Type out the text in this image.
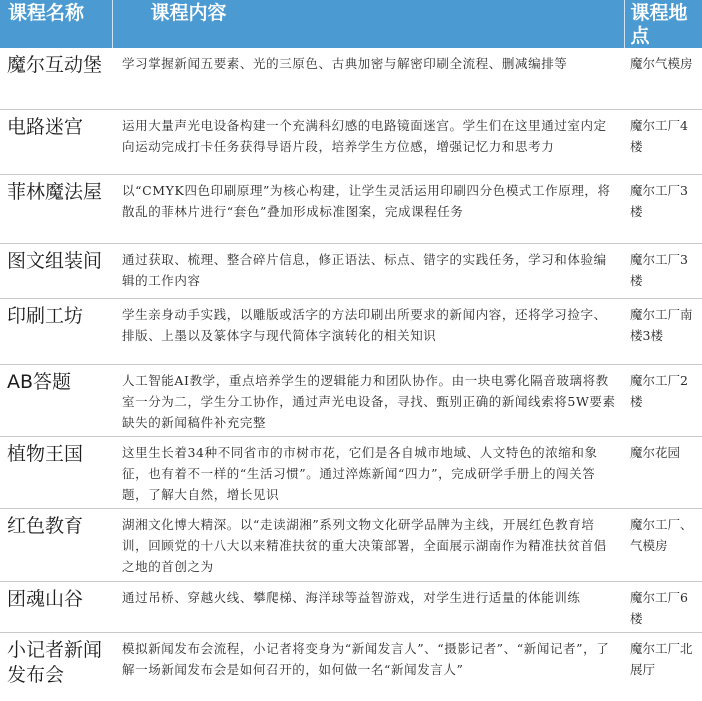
课程名称	课程内容	课程地点
魔尔互动堡	学习掌握新闻五要素、光的三原色、古典加密与解密印刷全流程、删减编排等	魔尔气模房
电路迷宫	运用大量声光电设备构建一个充满科幻感的电路镜面迷宫。学生们在这里通过室内定向运动完成打卡任务获得导语片段，培养学生方位感，增强记忆力和思考力	魔尔工厂4楼
菲林魔法屋	以“CMYK四色印刷原理”为核心构建，让学生灵活运用印刷四分色模式工作原理，将散乱的菲林片进行“套色”叠加形成标准图案，完成课程任务	魔尔工厂3楼
图文组装间	通过获取、梳理、整合碎片信息，修正语法、标点、错字的实践任务，学习和体验编辑的工作内容	魔尔工厂3楼
印刷工坊	学生亲身动手实践，以雕版或活字的方法印刷出所要求的新闻内容，还将学习捡字、排版、上墨以及篆体字与现代简体字演转化的相关知识	魔尔工厂南楼3楼
AB答题	人工智能AI教学，重点培养学生的逻辑能力和团队协作。由一块电雾化隔音玻璃将教室一分为二，学生分工协作，通过声光电设备，寻找、甄别正确的新闻线索将5W要素缺失的新闻稿件补充完整	魔尔工厂2楼
植物王国	这里生长着34种不同省市的市树市花，它们是各自城市地域、人文特色的浓缩和象征，也有着不一样的“生活习惯”。通过淬炼新闻“四力”，完成研学手册上的闯关答题，了解大自然，增长见识	魔尔花园
红色教育	湖湘文化博大精深。以“走读湖湘”系列文物文化研学品牌为主线，开展红色教育培训，回顾党的十八大以来精准扶贫的重大决策部署，全面展示湖南作为精准扶贫首倡之地的首创之为	魔尔工厂、气模房
团魂山谷	通过吊桥、穿越火线、攀爬梯、海洋球等益智游戏，对学生进行适量的体能训练	魔尔工厂6楼
小记者新闻发布会	模拟新闻发布会流程，小记者将变身为“新闻发言人”、“摄影记者”、“新闻记者”，了解一场新闻发布会是如何召开的，如何做一名“新闻发言人”	魔尔工厂北展厅
